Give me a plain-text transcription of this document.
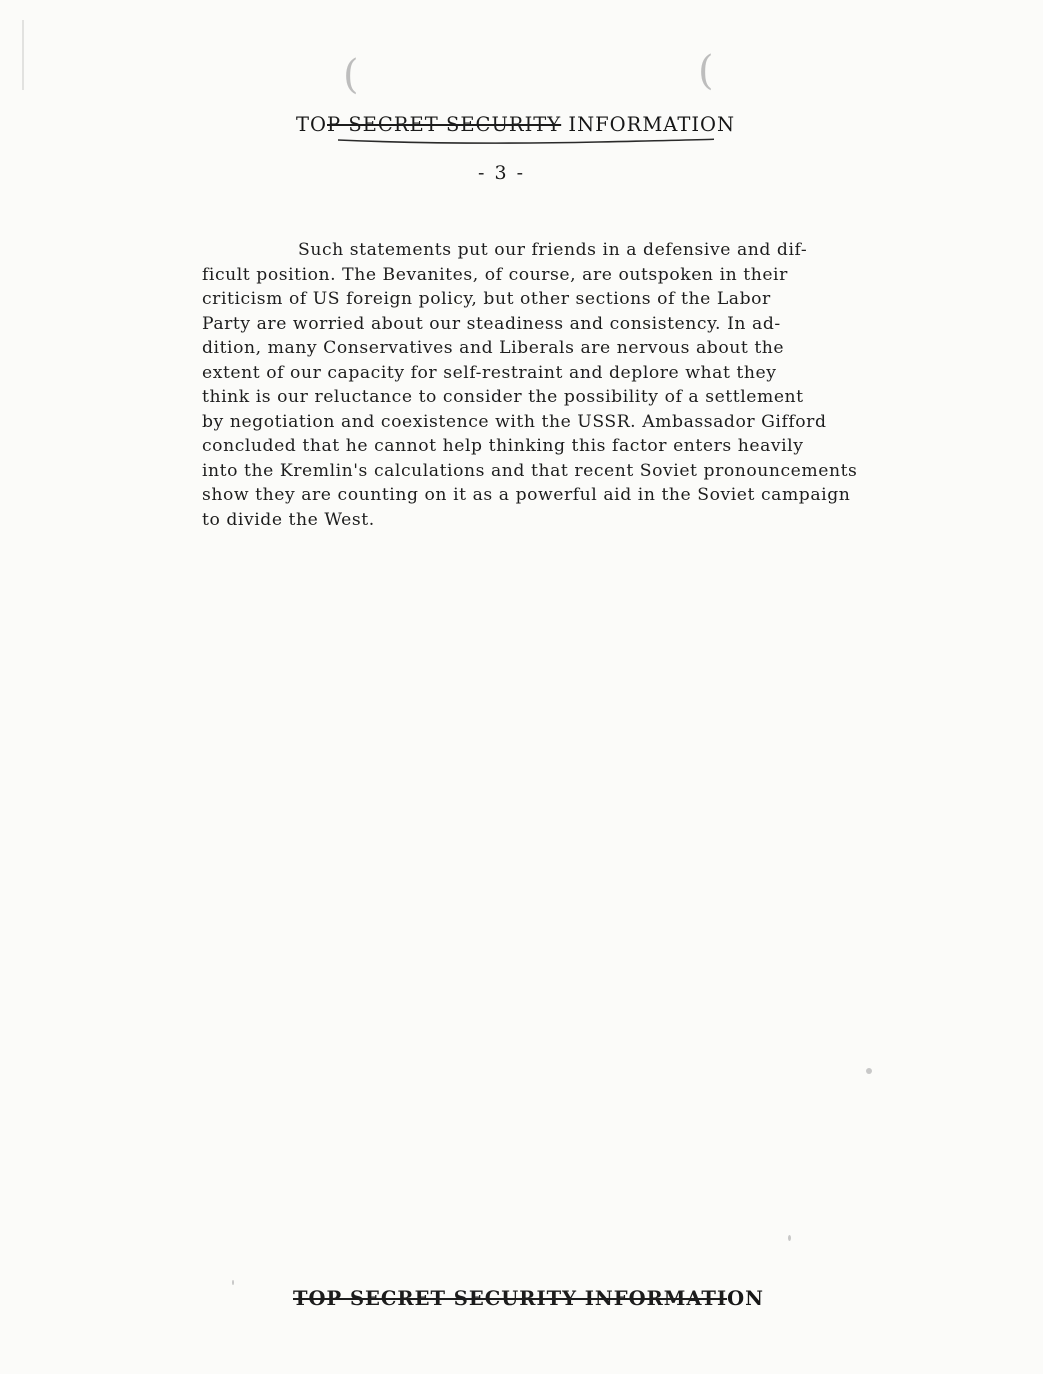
(	(
TOP SECRET SECURITY INFORMATION
- 3 -
Such statements put our friends in a defensive and dif-
ficult position. The Bevanites, of course, are outspoken in their
criticism of US foreign policy, but other sections of the Labor
Party are worried about our steadiness and consistency. In ad-
dition, many Conservatives and Liberals are nervous about the
extent of our capacity for self-restraint and deplore what they
think is our reluctance to consider the possibility of a settlement
by negotiation and coexistence with the USSR. Ambassador Gifford
concluded that he cannot help thinking this factor enters heavily
into the Kremlin's calculations and that recent Soviet pronouncements
show they are counting on it as a powerful aid in the Soviet campaign
to divide the West.
TOP SECRET SECURITY INFORMATION
